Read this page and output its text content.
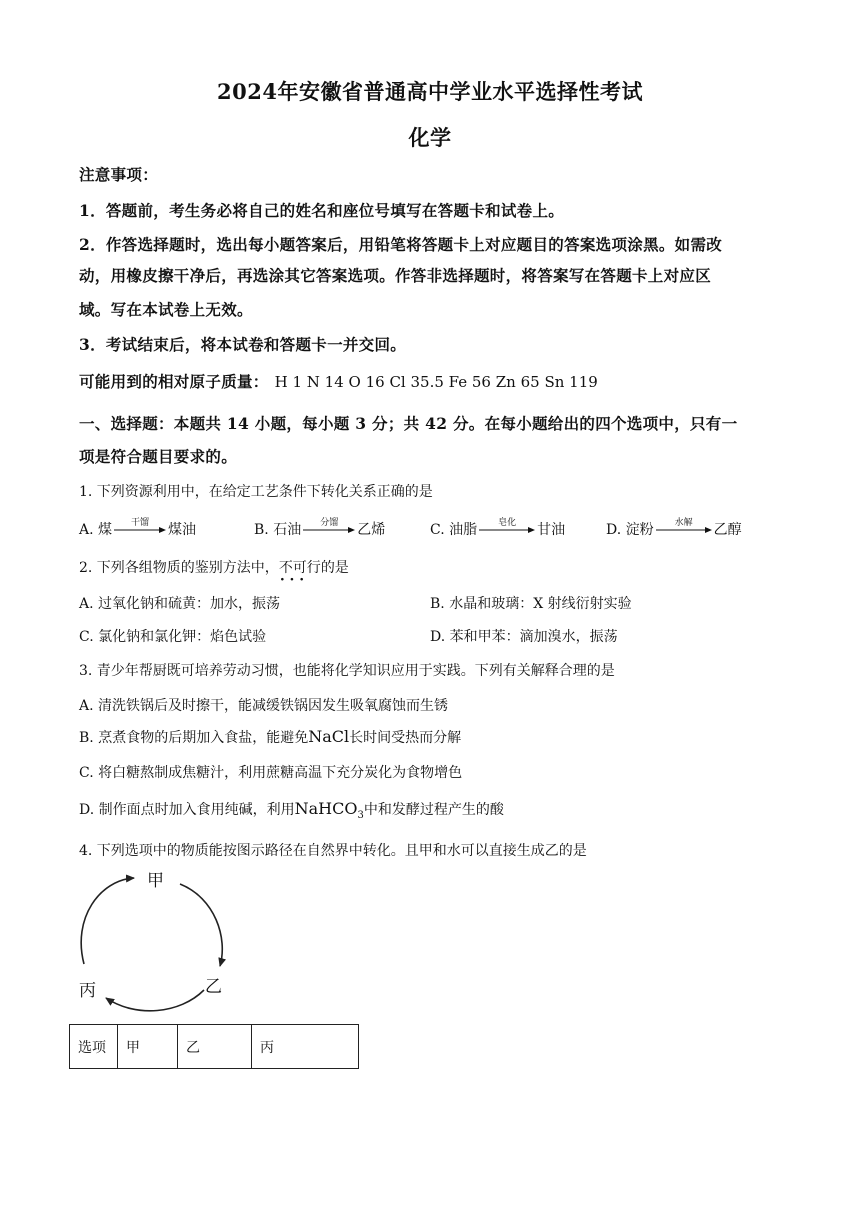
2024年安徽省普通高中学业水平选择性考试
化学
注意事项：
1．答题前，考生务必将自己的姓名和座位号填写在答题卡和试卷上。
2．作答选择题时，选出每小题答案后，用铅笔将答题卡上对应题目的答案选项涂黑。如需改
动，用橡皮擦干净后，再选涂其它答案选项。作答非选择题时，将答案写在答题卡上对应区
域。写在本试卷上无效。
3．考试结束后，将本试卷和答题卡一并交回。
可能用到的相对原子质量： H 1 N 14 O 16 Cl 35.5 Fe 56 Zn 65 Sn 119
一、选择题：本题共 14 小题，每小题 3 分；共 42 分。在每小题给出的四个选项中，只有一
项是符合题目要求的。
1. 下列资源利用中，在给定工艺条件下转化关系正确的是
A. 煤	干馏	煤油	B. 石油	分馏	乙烯	C. 油脂	皂化	甘油	D. 淀粉	水解	乙醇
2. 下列各组物质的鉴别方法中，不可行 · · ·的是
A. 过氧化钠和硫黄：加水，振荡	B. 水晶和玻璃：X 射线衍射实验
C. 氯化钠和氯化钾：焰色试验	D. 苯和甲苯：滴加溴水，振荡
3. 青少年帮厨既可培养劳动习惯，也能将化学知识应用于实践。下列有关解释合理的是
A. 清洗铁锅后及时擦干，能减缓铁锅因发生吸氧腐蚀而生锈
B. 烹煮食物的后期加入食盐，能避免NaCl长时间受热而分解
C. 将白糖熬制成焦糖汁，利用蔗糖高温下充分炭化为食物增色
D. 制作面点时加入食用纯碱，利用NaHCO$_3$中和发酵过程产生的酸
4. 下列选项中的物质能按图示路径在自然界中转化。且甲和水可以直接生成乙的是
甲
乙
丙
选项	甲	乙	丙
